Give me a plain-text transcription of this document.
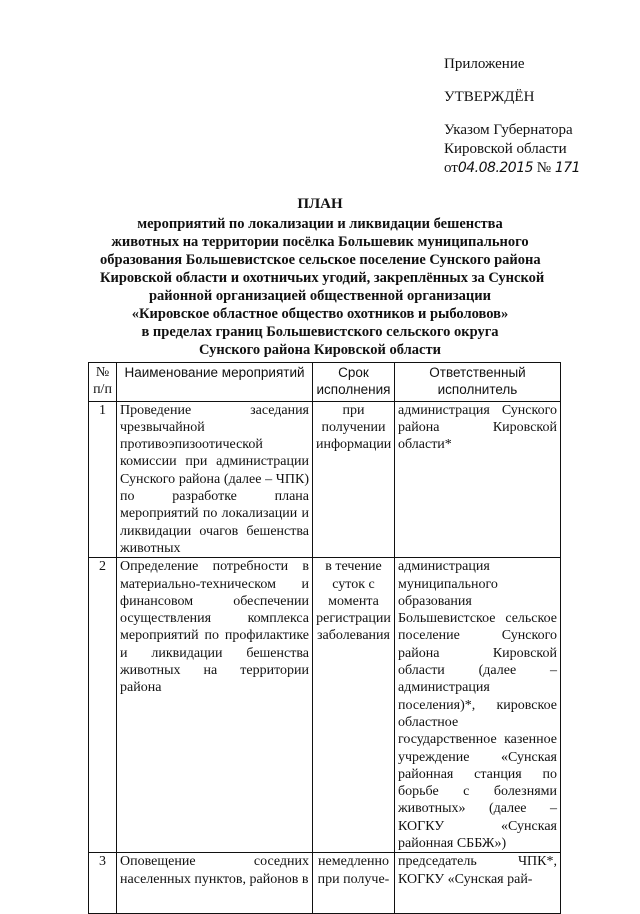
Приложение
УТВЕРЖДЁН
Указом Губернатора
Кировской области
от04.08.2015 № 171
ПЛАН
мероприятий по локализации и ликвидации бешенства
животных на территории посёлка Большевик муниципального
образования Большевистское сельское поселение Сунского района
Кировской области и охотничьих угодий, закреплённых за Сунской
районной организацией общественной организации
«Кировское областное общество охотников и рыболовов»
в пределах границ Большевистского сельского округа
Сунского района Кировской области
№ п/п	Наименование мероприятий	Срок исполнения	Ответственный исполнитель
1	Проведение заседания чрезвычайной противоэпизоотической комиссии при администрации Сунского района (далее – ЧПК) по разработке плана мероприятий по локализации и ликвидации очагов бешенства животных	при получении информации	администрация Сунского района Кировской области*
2	Определение потребности в материально-техническом и финансовом обеспечении осуществления комплекса мероприятий по профилактике и ликвидации бешенства животных на территории района	в течение суток с момента регистрации заболевания	администрация муниципального образования Большевистское сельское поселение Сунского района Кировской области (далее – администрация поселения)*, кировское областное государственное казенное учреждение «Сунская районная станция по борьбе с болезнями животных» (далее – КОГКУ «Сунская районная СББЖ»)
3	Оповещение соседних населенных пунктов, районов в	немедленно при получе-	председатель ЧПК*, КОГКУ «Сунская рай-
